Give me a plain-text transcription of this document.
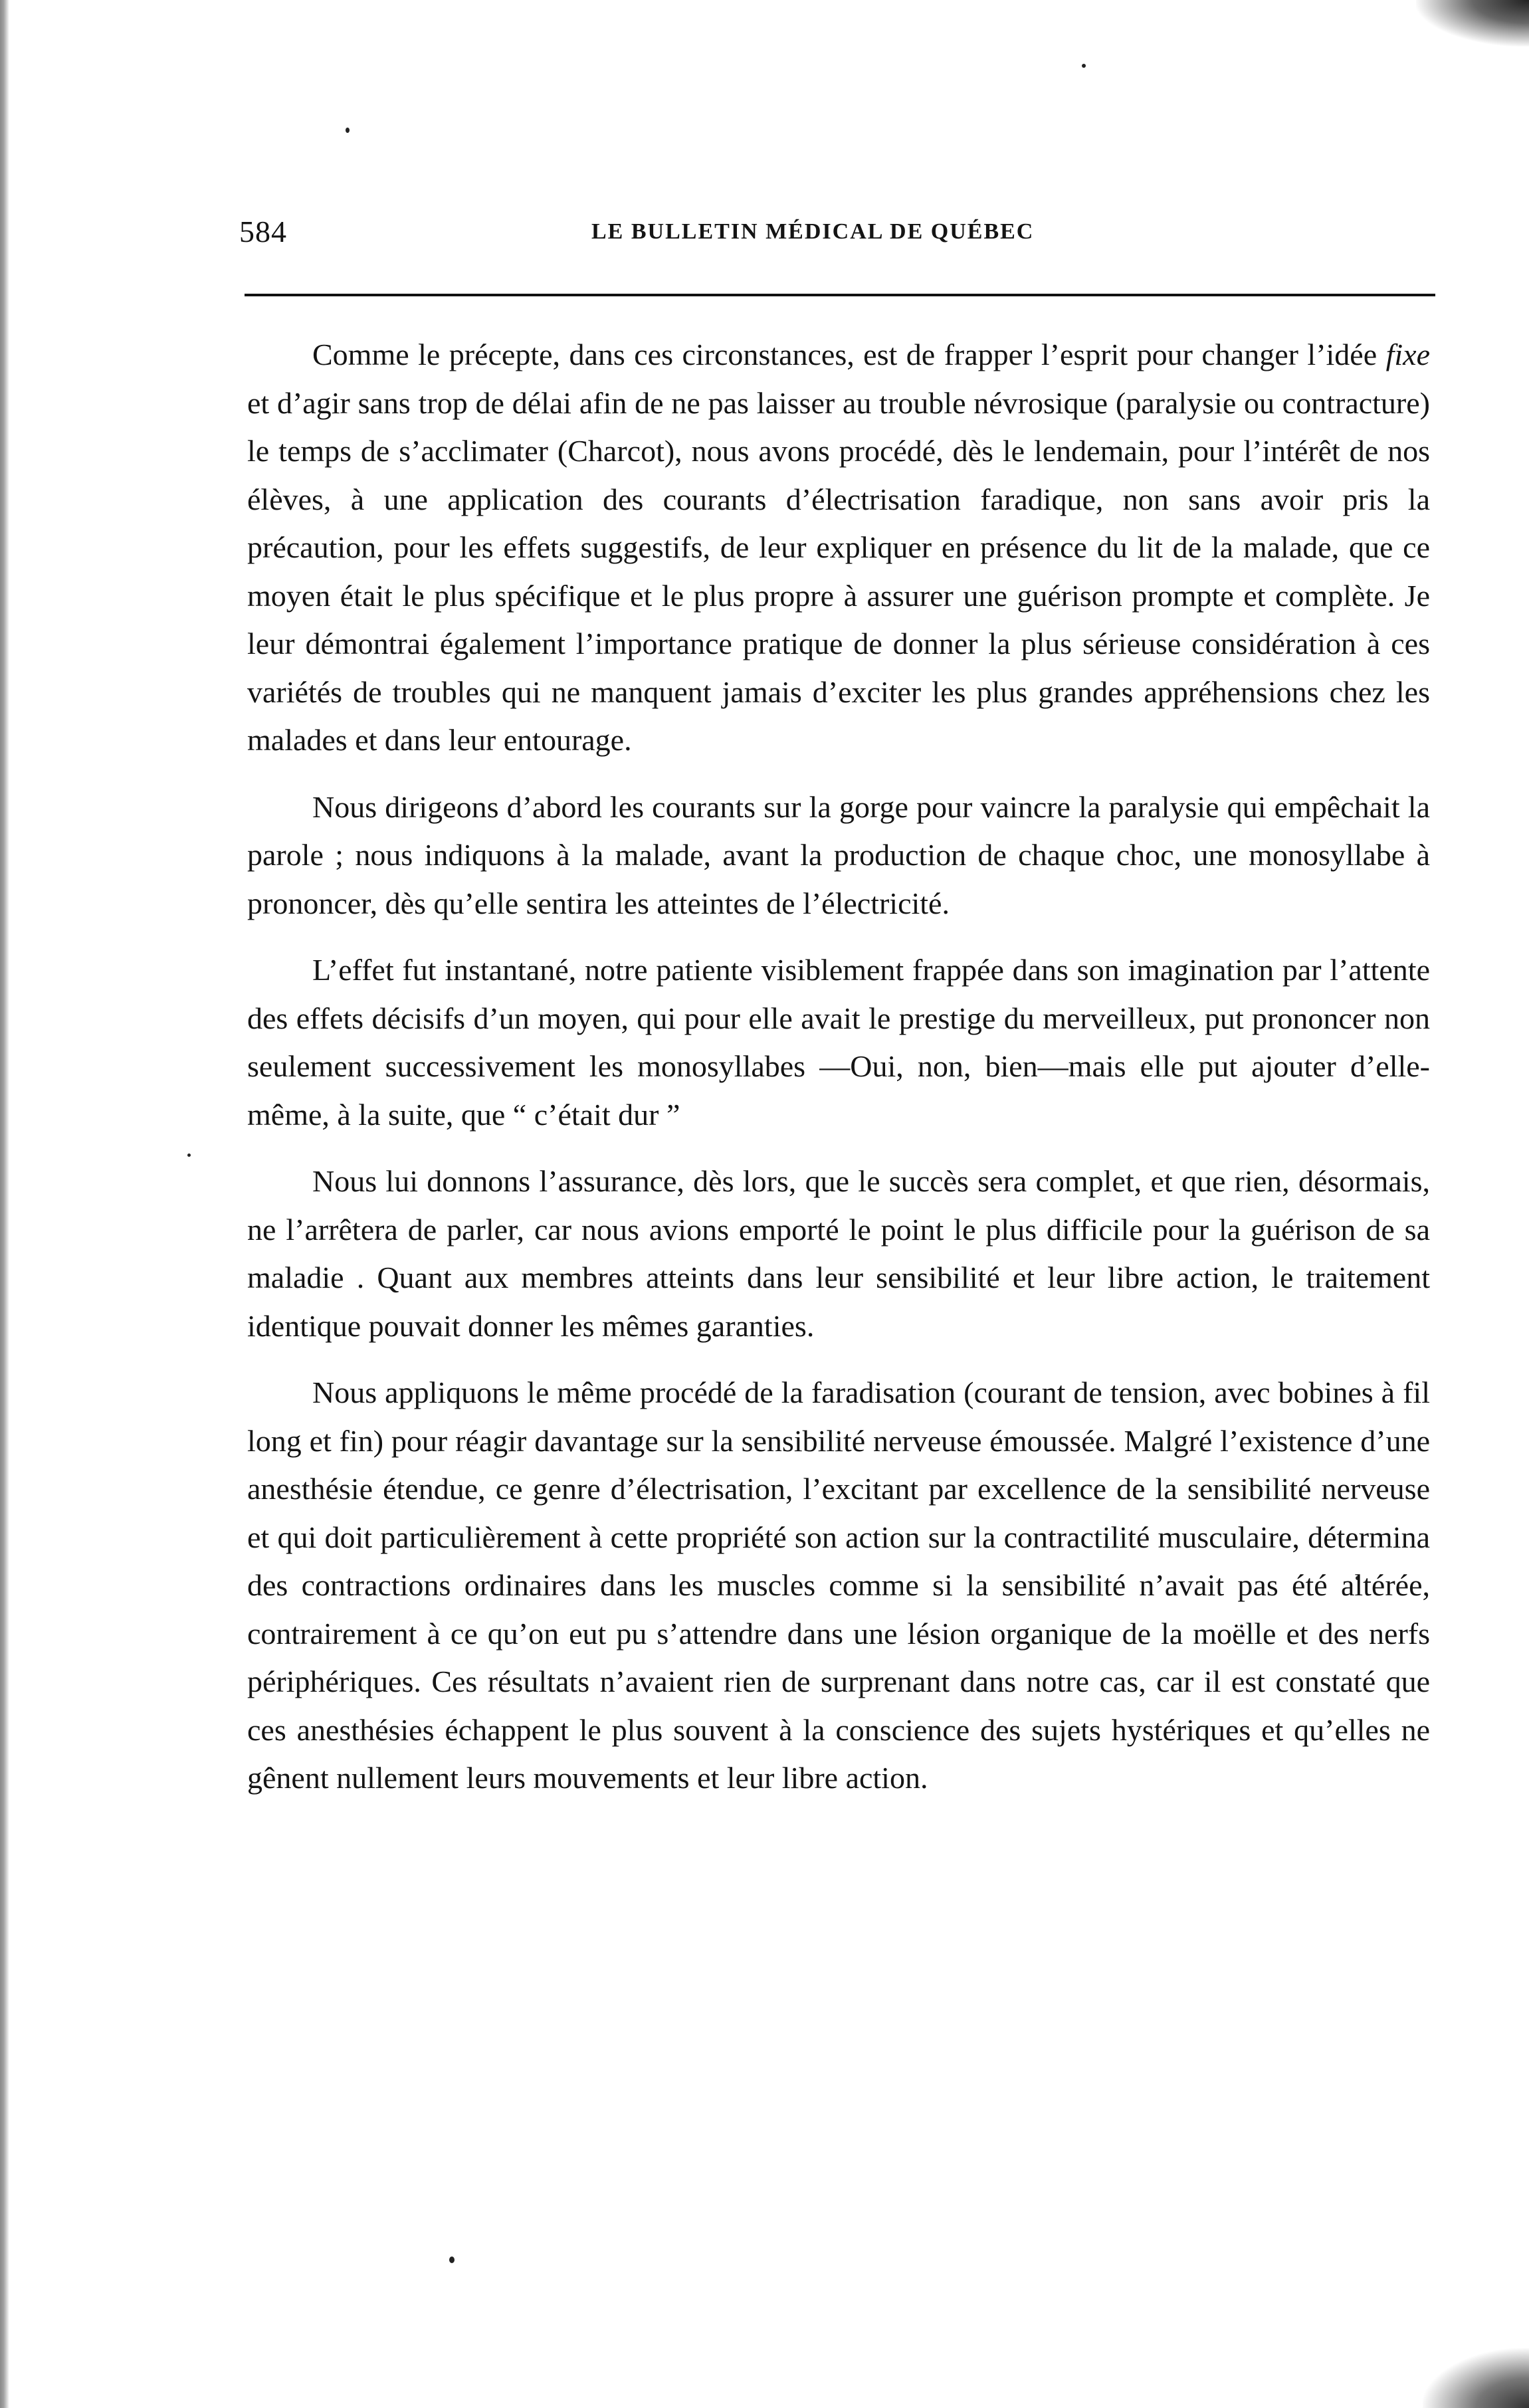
584	LE BULLETIN MÉDICAL DE QUÉBEC

Comme le précepte, dans ces circonstances, est de frapper l’esprit pour changer l’idée fixe et d’agir sans trop de délai afin de ne pas laisser au trouble névrosique (paralysie ou contracture) le temps de s’acclimater (Charcot), nous avons procédé, dès le lendemain, pour l’intérêt de nos élèves, à une application des courants d’électrisation faradique, non sans avoir pris la précaution, pour les effets suggestifs, de leur expliquer en présence du lit de la malade, que ce moyen était le plus spécifique et le plus propre à assurer une guérison prompte et complète. Je leur démontrai également l’importance pratique de donner la plus sérieuse considération à ces variétés de troubles qui ne manquent jamais d’exciter les plus grandes appréhensions chez les malades et dans leur entourage.

Nous dirigeons d’abord les courants sur la gorge pour vaincre la paralysie qui empêchait la parole ; nous indiquons à la malade, avant la production de chaque choc, une monosyllabe à prononcer, dès qu’elle sentira les atteintes de l’électricité.

L’effet fut instantané, notre patiente visiblement frappée dans son imagination par l’attente des effets décisifs d’un moyen, qui pour elle avait le prestige du merveilleux, put prononcer non seulement successivement les monosyllabes —Oui, non, bien—mais elle put ajouter d’elle-même, à la suite, que “ c’était dur ”

Nous lui donnons l’assurance, dès lors, que le succès sera complet, et que rien, désormais, ne l’arrêtera de parler, car nous avions emporté le point le plus difficile pour la guérison de sa maladie . Quant aux membres atteints dans leur sensibilité et leur libre action, le traitement identique pouvait donner les mêmes garanties.

Nous appliquons le même procédé de la faradisation (courant de tension, avec bobines à fil long et fin) pour réagir davantage sur la sensibilité nerveuse émoussée. Malgré l’existence d’une anesthésie étendue, ce genre d’électrisation, l’excitant par excellence de la sensibilité nerveuse et qui doit particulièrement à cette propriété son action sur la contractilité musculaire, détermina des contractions ordinaires dans les muscles comme si la sensibilité n’avait pas été altérée, contrairement à ce qu’on eut pu s’attendre dans une lésion organique de la moëlle et des nerfs périphériques. Ces résultats n’avaient rien de surprenant dans notre cas, car il est constaté que ces anesthésies échappent le plus souvent à la conscience des sujets hystériques et qu’elles ne gênent nullement leurs mouvements et leur libre action.
